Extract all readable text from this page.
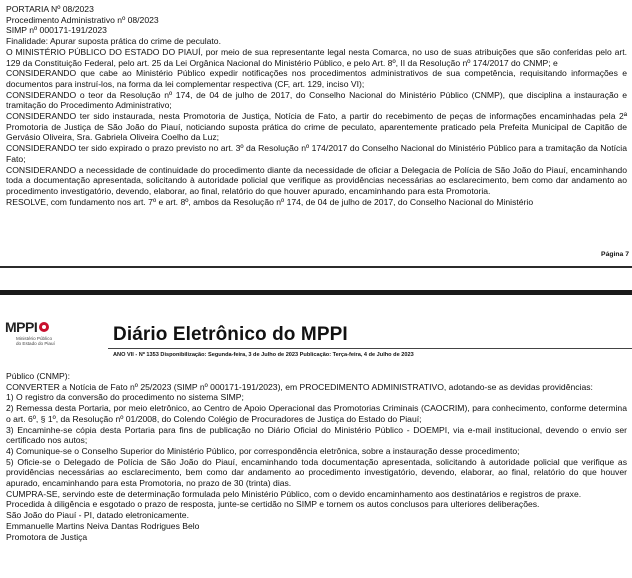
PORTARIA Nº 08/2023

Procedimento Administrativo nº 08/2023

SIMP nº 000171-191/2023

Finalidade: Apurar suposta prática do crime de peculato.

O MINISTÉRIO PÚBLICO DO ESTADO DO PIAUÍ, por meio de sua representante legal nesta Comarca, no uso de suas atribuições que são conferidas pelo art. 129 da Constituição Federal, pelo art. 25 da Lei Orgânica Nacional do Ministério Público, e pelo Art. 8º, II da Resolução nº 174/2017 do CNMP; e

CONSIDERANDO que cabe ao Ministério Público expedir notificações nos procedimentos administrativos de sua competência, requisitando informações e documentos para instruí-los, na forma da lei complementar respectiva (CF, art. 129, inciso VI);

CONSIDERANDO o teor da Resolução nº 174, de 04 de julho de 2017, do Conselho Nacional do Ministério Público (CNMP), que disciplina a instauração e tramitação do Procedimento Administrativo;

CONSIDERANDO ter sido instaurada, nesta Promotoria de Justiça, Notícia de Fato, a partir do recebimento de peças de informações encaminhadas pela 2ª Promotoria de Justiça de São João do Piauí, noticiando suposta prática do crime de peculato, aparentemente praticado pela Prefeita Municipal de Capitão de Gervásio Oliveira, Sra. Gabriela Oliveira Coelho da Luz;

CONSIDERANDO ter sido expirado o prazo previsto no art. 3º da Resolução nº 174/2017 do Conselho Nacional do Ministério Público para a tramitação da Notícia Fato;

CONSIDERANDO a necessidade de continuidade do procedimento diante da necessidade de oficiar a Delegacia de Polícia de São João do Piauí, encaminhando toda a documentação apresentada, solicitando à autoridade policial que verifique as providências necessárias ao esclarecimento, bem como dar andamento ao procedimento investigatório, devendo, elaborar, ao final, relatório do que houver apurado, encaminhando para esta Promotoria.

RESOLVE, com fundamento nos art. 7º e art. 8º, ambos da Resolução nº 174, de 04 de julho de 2017, do Conselho Nacional do Ministério

Página 7
MPPI
Ministério Público
do Estado do Piauí	Diário Eletrônico do MPPI
ANO VII - Nº 1353 Disponibilização: Segunda-feira, 3 de Julho de 2023 Publicação: Terça-feira, 4 de Julho de 2023

Público (CNMP):

CONVERTER a Notícia de Fato nº 25/2023 (SIMP nº 000171-191/2023), em PROCEDIMENTO ADMINISTRATIVO, adotando-se as devidas providências:

1) O registro da conversão do procedimento no sistema SIMP;

2) Remessa desta Portaria, por meio eletrônico, ao Centro de Apoio Operacional das Promotorias Criminais (CAOCRIM), para conhecimento, conforme determina o art. 6º, § 1º, da Resolução nº 01/2008, do Colendo Colégio de Procuradores de Justiça do Estado do Piauí;

3) Encaminhe-se cópia desta Portaria para fins de publicação no Diário Oficial do Ministério Público - DOEMPI, via e-mail institucional, devendo o envio ser certificado nos autos;

4) Comunique-se o Conselho Superior do Ministério Público, por correspondência eletrônica, sobre a instauração desse procedimento;

5) Oficie-se o Delegado de Polícia de São João do Piauí, encaminhando toda documentação apresentada, solicitando à autoridade policial que verifique as providências necessárias ao esclarecimento, bem como dar andamento ao procedimento investigatório, devendo, elaborar, ao final, relatório do que houver apurado, encaminhando para esta Promotoria, no prazo de 30 (trinta) dias.

CUMPRA-SE, servindo este de determinação formulada pelo Ministério Público, com o devido encaminhamento aos destinatários e registros de praxe.

Procedida à diligência e esgotado o prazo de resposta, junte-se certidão no SIMP e tornem os autos conclusos para ulteriores deliberações.

São João do Piauí - PI, datado eletronicamente.

Emmanuelle Martins Neiva Dantas Rodrigues Belo

Promotora de Justiça
